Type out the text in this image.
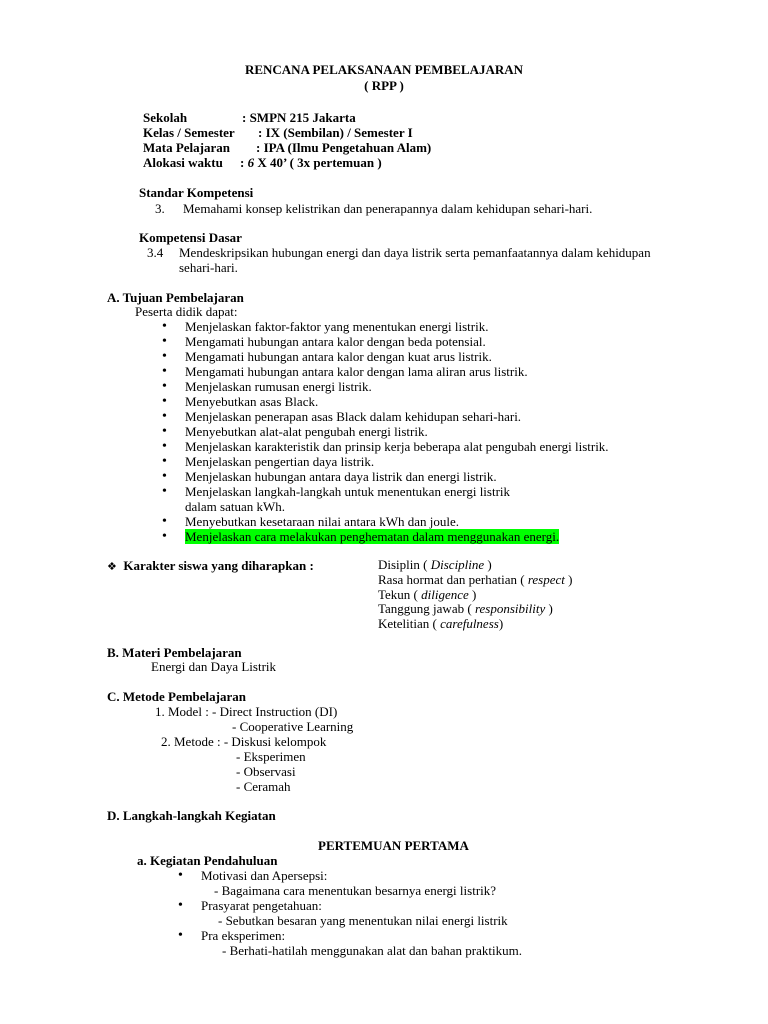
RENCANA PELAKSANAAN PEMBELAJARAN
( RPP )
Sekolah	: SMPN 215 Jakarta
Kelas / Semester : IX (Sembilan) / Semester I
Mata Pelajaran : IPA (Ilmu Pengetahuan Alam)
Alokasi waktu : 6 X 40’ ( 3x pertemuan )
Standar Kompetensi
3. Memahami konsep kelistrikan dan penerapannya dalam kehidupan sehari-hari.
Kompetensi Dasar
3.4 Mendeskripsikan hubungan energi dan daya listrik serta pemanfaatannya dalam kehidupan
sehari-hari.
A. Tujuan Pembelajaran
Peserta didik dapat:
• Menjelaskan faktor-faktor yang menentukan energi listrik.
• Mengamati hubungan antara kalor dengan beda potensial.
• Mengamati hubungan antara kalor dengan kuat arus listrik.
• Mengamati hubungan antara kalor dengan lama aliran arus listrik.
• Menjelaskan rumusan energi listrik.
• Menyebutkan asas Black.
• Menjelaskan penerapan asas Black dalam kehidupan sehari-hari.
• Menyebutkan alat-alat pengubah energi listrik.
• Menjelaskan karakteristik dan prinsip kerja beberapa alat pengubah energi listrik.
• Menjelaskan pengertian daya listrik.
• Menjelaskan hubungan antara daya listrik dan energi listrik.
• Menjelaskan langkah-langkah untuk menentukan energi listrik dalam satuan kWh.
• Menyebutkan kesetaraan nilai antara kWh dan joule.
• Menjelaskan cara melakukan penghematan dalam menggunakan energi.
❖ Karakter siswa yang diharapkan :	Disiplin ( Discipline )
Rasa hormat dan perhatian ( respect )
Tekun ( diligence )
Tanggung jawab ( responsibility )
Ketelitian ( carefulness)
B. Materi Pembelajaran
Energi dan Daya Listrik
C. Metode Pembelajaran
1. Model : - Direct Instruction (DI)
- Cooperative Learning
2. Metode : - Diskusi kelompok
- Eksperimen
- Observasi
- Ceramah
D. Langkah-langkah Kegiatan
PERTEMUAN PERTAMA
a. Kegiatan Pendahuluan
• Motivasi dan Apersepsi:
- Bagaimana cara menentukan besarnya energi listrik?
• Prasyarat pengetahuan:
- Sebutkan besaran yang menentukan nilai energi listrik
• Pra eksperimen:
- Berhati-hatilah menggunakan alat dan bahan praktikum.
